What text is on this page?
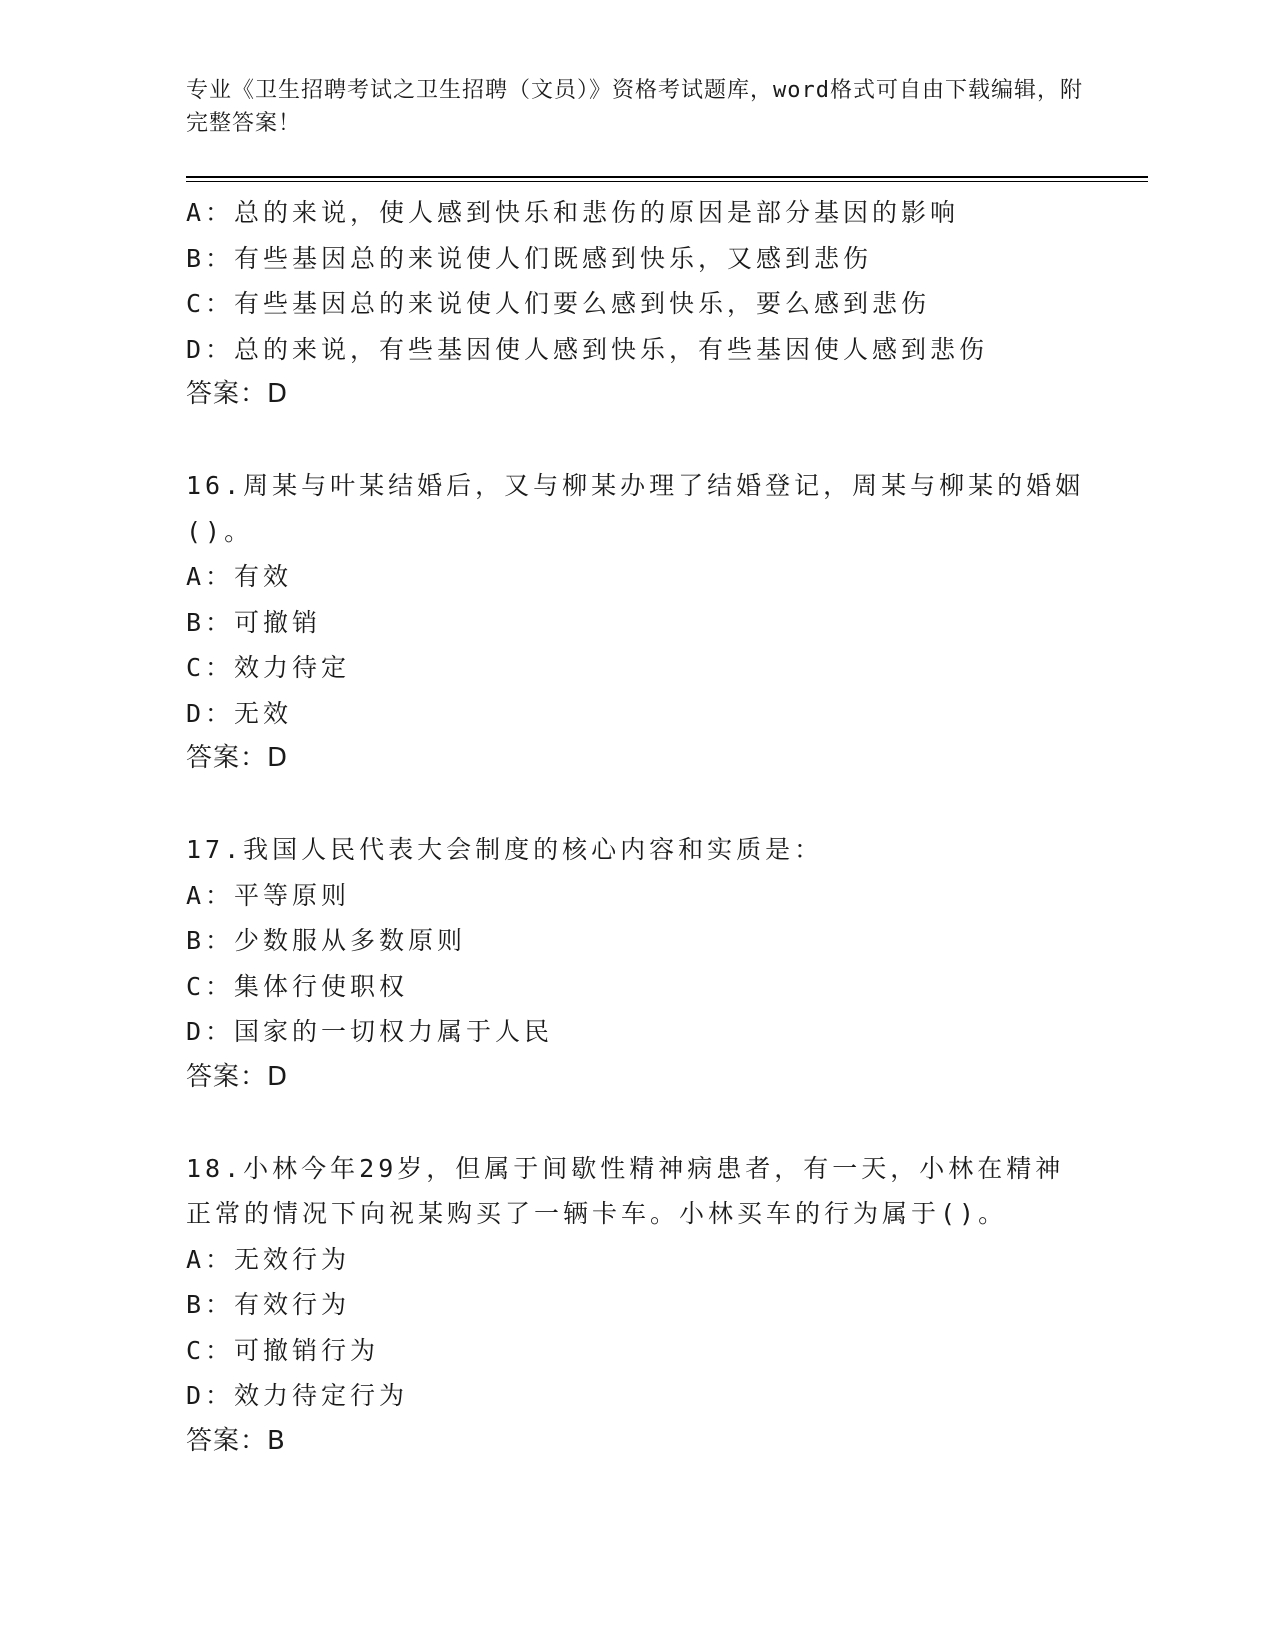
专业《卫生招聘考试之卫生招聘（文员）》资格考试题库，word格式可自由下载编辑，附完整答案！
A：总的来说，使人感到快乐和悲伤的原因是部分基因的影响
B：有些基因总的来说使人们既感到快乐，又感到悲伤
C：有些基因总的来说使人们要么感到快乐，要么感到悲伤
D：总的来说，有些基因使人感到快乐，有些基因使人感到悲伤
答案：D
16.周某与叶某结婚后，又与柳某办理了结婚登记，周某与柳某的婚姻()。
A：有效
B：可撤销
C：效力待定
D：无效
答案：D
17.我国人民代表大会制度的核心内容和实质是：
A：平等原则
B：少数服从多数原则
C：集体行使职权
D：国家的一切权力属于人民
答案：D
18.小林今年29岁，但属于间歇性精神病患者，有一天，小林在精神正常的情况下向祝某购买了一辆卡车。小林买车的行为属于()。
A：无效行为
B：有效行为
C：可撤销行为
D：效力待定行为
答案：B
